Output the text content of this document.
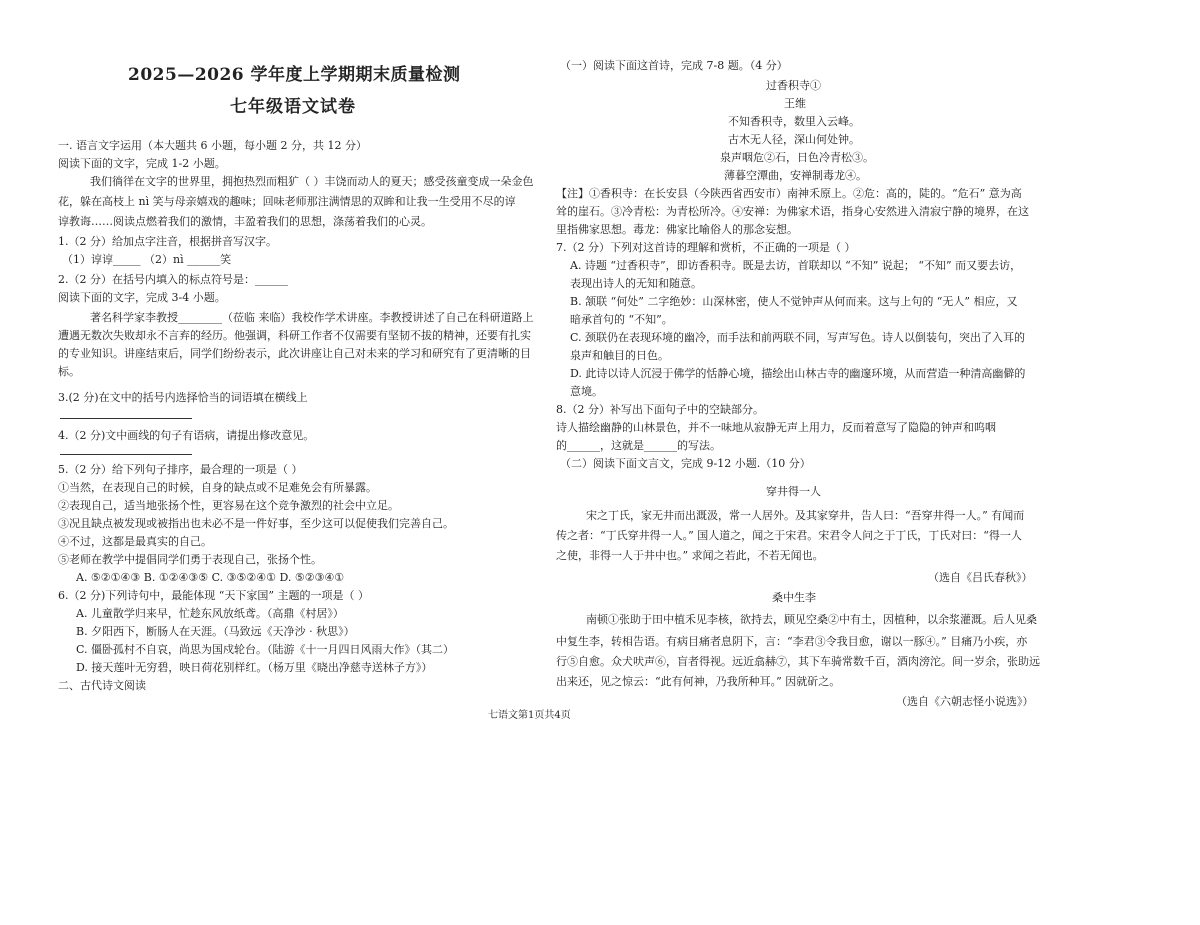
2025—2026 学年度上学期期末质量检测
七年级语文试卷
一. 语言文字运用（本大题共 6 小题，每小题 2 分，共 12 分）
阅读下面的文字，完成 1-2 小题。
我们徜徉在文字的世界里，拥抱热烈而粗犷（ ）丰饶而动人的夏天；感受孩童变成一朵金色
花，躲在高枝上 nì 笑与母亲嬉戏的趣味；回味老师那注满情思的双眸和让我一生受用不尽的谆
谆教诲……阅读点燃着我们的激情，丰盈着我们的思想，涤荡着我们的心灵。
1.（2 分）给加点字注音，根据拼音写汉字。
（1）谆谆_____ （2）nì ______笑
2.（2 分）在括号内填入的标点符号是：______
阅读下面的文字，完成 3-4 小题。
著名科学家李教授________（莅临 来临）我校作学术讲座。李教授讲述了自己在科研道路上
遭遇无数次失败却永不言弃的经历。他强调，科研工作者不仅需要有坚韧不拔的精神，还要有扎实
的专业知识。讲座结束后，同学们纷纷表示，此次讲座让自己对未来的学习和研究有了更清晰的目
标。
3.(2 分)在文中的括号内选择恰当的词语填在横线上
4.（2 分)文中画线的句子有语病，请提出修改意见。
5.（2 分）给下列句子排序，最合理的一项是（ ）
①当然，在表现自己的时候，自身的缺点或不足难免会有所暴露。
②表现自己，适当地张扬个性，更容易在这个竞争激烈的社会中立足。
③况且缺点被发现或被指出也未必不是一件好事，至少这可以促使我们完善自己。
④不过，这都是最真实的自己。
⑤老师在教学中提倡同学们勇于表现自己，张扬个性。
A. ⑤②①④③ B. ①②④③⑤ C. ③⑤②④① D. ⑤②③④①
6.（2 分)下列诗句中，最能体现 “天下家国” 主题的一项是（ ）
A. 儿童散学归来早，忙趁东风放纸鸢。（高鼎《村居》）
B. 夕阳西下，断肠人在天涯。（马致远《天净沙 · 秋思》）
C. 僵卧孤村不自哀，尚思为国戍轮台。（陆游《十一月四日风雨大作》（其二）
D. 接天莲叶无穷碧，映日荷花别样红。（杨万里《晓出净慈寺送林子方》）
二、古代诗文阅读
（一）阅读下面这首诗，完成 7-8 题。（4 分）
过香积寺①
王维
不知香积寺，数里入云峰。
古木无人径，深山何处钟。
泉声咽危②石，日色冷青松③。
薄暮空潭曲，安禅制毒龙④。
【注】①香积寺：在长安县（今陕西省西安市）南神禾原上。②危：高的，陡的。“危石” 意为高
耸的崖石。③冷青松：为青松所冷。④安禅：为佛家术语，指身心安然进入清寂宁静的境界，在这
里指佛家思想。毒龙：佛家比喻俗人的那念妄想。
7.（2 分）下列对这首诗的理解和赏析，不正确的一项是（ ）
A. 诗题 “过香积寺”，即访香积寺。既是去访，首联却以 “不知” 说起； “不知” 而又要去访，
表现出诗人的无知和随意。
B. 颔联 “何处” 二字绝妙：山深林密，使人不觉钟声从何而来。这与上句的 “无人” 相应，又
暗承首句的 “不知”。
C. 颈联仍在表现环境的幽冷，而手法和前两联不同，写声写色。诗人以倒装句，突出了入耳的
泉声和触目的日色。
D. 此诗以诗人沉浸于佛学的恬静心境，描绘出山林古寺的幽邃环境，从而营造一种清高幽僻的
意境。
8.（2 分）补写出下面句子中的空缺部分。
诗人描绘幽静的山林景色，并不一味地从寂静无声上用力，反而着意写了隐隐的钟声和呜咽
的______，这就是______的写法。
（二）阅读下面文言文，完成 9-12 小题.（10 分）
穿井得一人
宋之丁氏，家无井而出溉汲，常一人居外。及其家穿井，告人曰：“吾穿井得一人。” 有闻而
传之者：“丁氏穿井得一人。” 国人道之，闻之于宋君。宋君令人问之于丁氏，丁氏对曰：“得一人
之使，非得一人于井中也。” 求闻之若此，不若无闻也。
（选自《吕氏春秋》）
桑中生李
南顿①张助于田中植禾见李核，欲持去，顾见空桑②中有土，因植种，以余浆灌溉。后人见桑
中复生李，转相告语。有病目痛者息阴下，言：“李君③令我目愈，谢以一豚④。” 目痛乃小疾，亦
行⑤自愈。众犬吠声⑥，盲者得视。远近翕赫⑦，其下车骑常数千百，酒肉滂沱。间一岁余，张助远
出来还，见之惊云：“此有何神，乃我所种耳。” 因就斫之。
（选自《六朝志怪小说选》）
七语文第1页共4页
